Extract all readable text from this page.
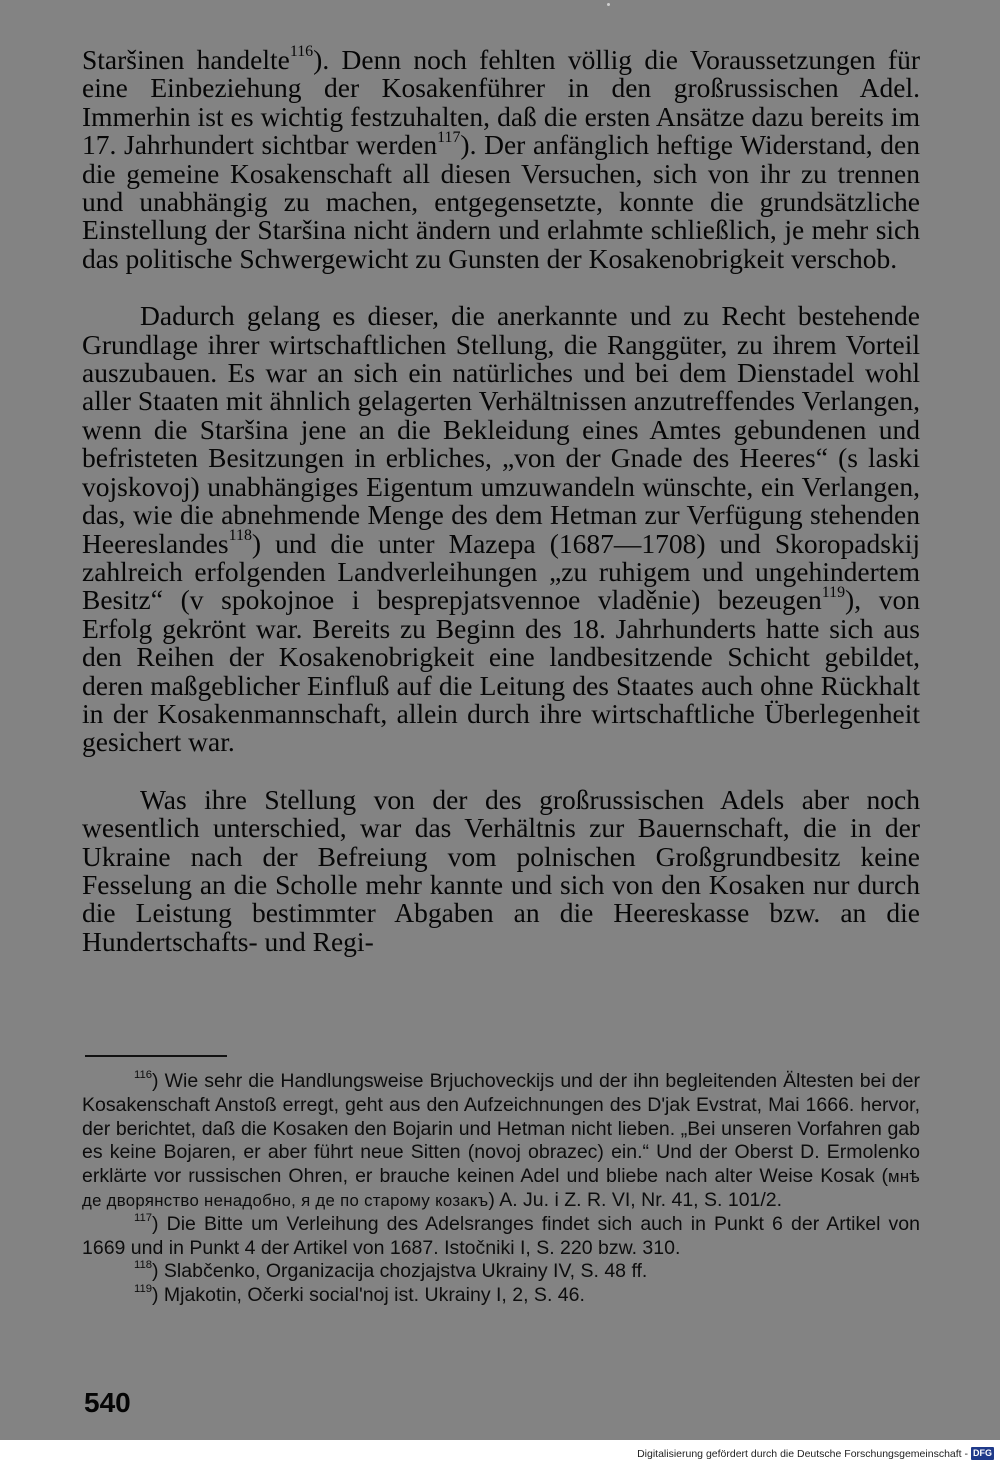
Staršinen handelte$^{116}$). Denn noch fehlten völlig die Voraussetzungen für eine Einbeziehung der Kosakenführer in den großrussischen Adel. Immerhin ist es wichtig festzuhalten, daß die ersten Ansätze dazu bereits im 17. Jahrhundert sichtbar werden$^{117}$). Der anfänglich heftige Widerstand, den die gemeine Kosakenschaft all diesen Versuchen, sich von ihr zu trennen und unabhängig zu machen, entgegensetzte, konnte die grundsätzliche Einstellung der Staršina nicht ändern und erlahmte schließlich, je mehr sich das politische Schwergewicht zu Gunsten der Kosakenobrigkeit verschob.

Dadurch gelang es dieser, die anerkannte und zu Recht bestehende Grundlage ihrer wirtschaftlichen Stellung, die Ranggüter, zu ihrem Vorteil auszubauen. Es war an sich ein natürliches und bei dem Dienstadel wohl aller Staaten mit ähnlich gelagerten Verhältnissen anzutreffendes Verlangen, wenn die Staršina jene an die Bekleidung eines Amtes gebundenen und befristeten Besitzungen in erbliches, „von der Gnade des Heeres“ (s laski vojskovoj) unabhängiges Eigentum umzuwandeln wünschte, ein Verlangen, das, wie die abnehmende Menge des dem Hetman zur Verfügung stehenden Heereslandes$^{118}$) und die unter Mazepa (1687—1708) und Skoropadskij zahlreich erfolgenden Landverleihungen „zu ruhigem und ungehindertem Besitz“ (v spokojnoe i besprepjatsvennoe vladěnie) bezeugen$^{119}$), von Erfolg gekrönt war. Bereits zu Beginn des 18. Jahrhunderts hatte sich aus den Reihen der Kosakenobrigkeit eine landbesitzende Schicht gebildet, deren maßgeblicher Einfluß auf die Leitung des Staates auch ohne Rückhalt in der Kosakenmannschaft, allein durch ihre wirtschaftliche Überlegenheit gesichert war.

Was ihre Stellung von der des großrussischen Adels aber noch wesentlich unterschied, war das Verhältnis zur Bauernschaft, die in der Ukraine nach der Befreiung vom polnischen Großgrundbesitz keine Fesselung an die Scholle mehr kannte und sich von den Kosaken nur durch die Leistung bestimmter Abgaben an die Heereskasse bzw. an die Hundertschafts- und Regi-

$^{116}$) Wie sehr die Handlungsweise Brjuchoveckijs und der ihn begleitenden Ältesten bei der Kosakenschaft Anstoß erregt, geht aus den Aufzeichnungen des D'jak Evstrat, Mai 1666. hervor, der berichtet, daß die Kosaken den Bojarin und Hetman nicht lieben. „Bei unseren Vorfahren gab es keine Bojaren, er aber führt neue Sitten (novoj obrazec) ein.“ Und der Oberst D. Ermolenko erklärte vor russischen Ohren, er brauche keinen Adel und bliebe nach alter Weise Kosak (мнѣ де дворянство ненадобно, я де по старому козакъ) A. Ju. i Z. R. VI, Nr. 41, S. 101/2.

$^{117}$) Die Bitte um Verleihung des Adelsranges findet sich auch in Punkt 6 der Artikel von 1669 und in Punkt 4 der Artikel von 1687. Istočniki I, S. 220 bzw. 310.

$^{118}$) Slabčenko, Organizacija chozjajstva Ukrainy IV, S. 48 ff.

$^{119}$) Mjakotin, Očerki social'noj ist. Ukrainy I, 2, S. 46.

540
Digitalisierung gefördert durch die Deutsche Forschungsgemeinschaft - DFG
